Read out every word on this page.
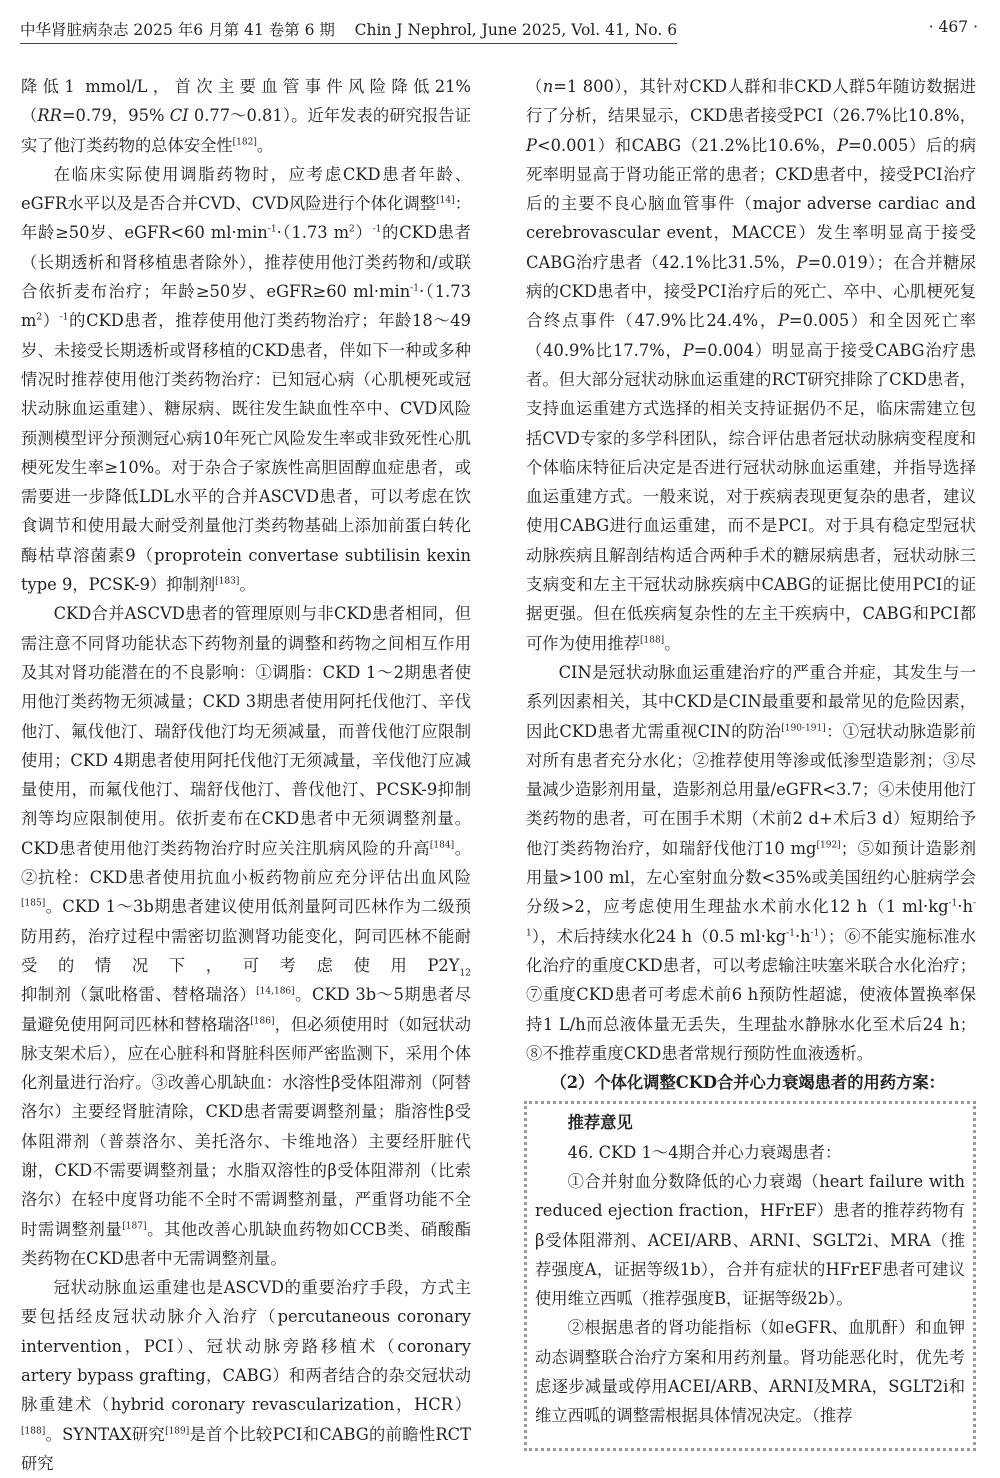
中华肾脏病杂志 2025 年6 月第 41 卷第 6 期 Chin J Nephrol, June 2025, Vol. 41, No. 6	· 467 ·

降低1 mmol/L，首次主要血管事件风险降低21%（RR=0.79，95% CI 0.77～0.81）。近年发表的研究报告证实了他汀类药物的总体安全性[182]。

在临床实际使用调脂药物时，应考虑CKD患者年龄、eGFR水平以及是否合并CVD、CVD风险进行个体化调整[14]：年龄≥50岁、eGFR<60 $ml\cdot\min^{-1}\cdot(1.73$ $m^2)^{-1}$的CKD患者（长期透析和肾移植患者除外），推荐使用他汀类药物和/或联合依折麦布治疗；年龄≥50岁、eGFR≥60 $ml\cdot\min^{-1}\cdot(1.73$ $m^2)^{-1}$的CKD患者，推荐使用他汀类药物治疗；年龄18～49岁、未接受长期透析或肾移植的CKD患者，伴如下一种或多种情况时推荐使用他汀类药物治疗：已知冠心病（心肌梗死或冠状动脉血运重建）、糖尿病、既往发生缺血性卒中、CVD风险预测模型评分预测冠心病10年死亡风险发生率或非致死性心肌梗死发生率≥10%。对于杂合子家族性高胆固醇血症患者，或需要进一步降低LDL水平的合并ASCVD患者，可以考虑在饮食调节和使用最大耐受剂量他汀类药物基础上添加前蛋白转化酶枯草溶菌素9（proprotein convertase subtilisin kexin type 9，PCSK-9）抑制剂[183]。

CKD合并ASCVD患者的管理原则与非CKD患者相同，但需注意不同肾功能状态下药物剂量的调整和药物之间相互作用及其对肾功能潜在的不良影响：①调脂：CKD 1～2期患者使用他汀类药物无须减量；CKD 3期患者使用阿托伐他汀、辛伐他汀、氟伐他汀、瑞舒伐他汀均无须减量，而普伐他汀应限制使用；CKD 4期患者使用阿托伐他汀无须减量，辛伐他汀应减量使用，而氟伐他汀、瑞舒伐他汀、普伐他汀、PCSK-9抑制剂等均应限制使用。依折麦布在CKD患者中无须调整剂量。CKD患者使用他汀类药物治疗时应关注肌病风险的升高[184]。②抗栓：CKD患者使用抗血小板药物前应充分评估出血风险[185]。CKD 1～3b期患者建议使用低剂量阿司匹林作为二级预防用药，治疗过程中需密切监测肾功能变化，阿司匹林不能耐受的情况下，可考虑使用$P2Y_{12}$抑制剂（氯吡格雷、替格瑞洛）[14,186]。CKD 3b～5期患者尽量避免使用阿司匹林和替格瑞洛[186]，但必须使用时（如冠状动脉支架术后），应在心脏科和肾脏科医师严密监测下，采用个体化剂量进行治疗。③改善心肌缺血：水溶性β受体阻滞剂（阿替洛尔）主要经肾脏清除，CKD患者需要调整剂量；脂溶性β受体阻滞剂（普萘洛尔、美托洛尔、卡维地洛）主要经肝脏代谢，CKD不需要调整剂量；水脂双溶性的β受体阻滞剂（比索洛尔）在轻中度肾功能不全时不需调整剂量，严重肾功能不全时需调整剂量[187]。其他改善心肌缺血药物如CCB类、硝酸酯类药物在CKD患者中无需调整剂量。

冠状动脉血运重建也是ASCVD的重要治疗手段，方式主要包括经皮冠状动脉介入治疗（percutaneous coronary intervention，PCI）、冠状动脉旁路移植术（coronary artery bypass grafting，CABG）和两者结合的杂交冠状动脉重建术（hybrid coronary revascularization，HCR）[188]。SYNTAX研究[189]是首个比较PCI和CABG的前瞻性RCT研究

（n=1 800），其针对CKD人群和非CKD人群5年随访数据进行了分析，结果显示，CKD患者接受PCI（26.7%比10.8%，P<0.001）和CABG（21.2%比10.6%，P=0.005）后的病死率明显高于肾功能正常的患者；CKD患者中，接受PCI治疗后的主要不良心脑血管事件（major adverse cardiac and cerebrovascular event，MACCE）发生率明显高于接受CABG治疗患者（42.1%比31.5%，P=0.019）；在合并糖尿病的CKD患者中，接受PCI治疗后的死亡、卒中、心肌梗死复合终点事件（47.9%比24.4%，P=0.005）和全因死亡率（40.9%比17.7%，P=0.004）明显高于接受CABG治疗患者。但大部分冠状动脉血运重建的RCT研究排除了CKD患者，支持血运重建方式选择的相关支持证据仍不足，临床需建立包括CVD专家的多学科团队，综合评估患者冠状动脉病变程度和个体临床特征后决定是否进行冠状动脉血运重建，并指导选择血运重建方式。一般来说，对于疾病表现更复杂的患者，建议使用CABG进行血运重建，而不是PCI。对于具有稳定型冠状动脉疾病且解剖结构适合两种手术的糖尿病患者，冠状动脉三支病变和左主干冠状动脉疾病中CABG的证据比使用PCI的证据更强。但在低疾病复杂性的左主干疾病中，CABG和PCI都可作为使用推荐[188]。

CIN是冠状动脉血运重建治疗的严重合并症，其发生与一系列因素相关，其中CKD是CIN最重要和最常见的危险因素，因此CKD患者尤需重视CIN的防治[190-191]：①冠状动脉造影前对所有患者充分水化；②推荐使用等渗或低渗型造影剂；③尽量减少造影剂用量，造影剂总用量/eGFR<3.7；④未使用他汀类药物的患者，可在围手术期（术前2 d+术后3 d）短期给予他汀类药物治疗，如瑞舒伐他汀10 mg[192]；⑤如预计造影剂用量>100 ml，左心室射血分数<35%或美国纽约心脏病学会分级>2，应考虑使用生理盐水术前水化12 h（1 $ml\cdot kg^{-1}\cdot h^{-1}$），术后持续水化24 h（0.5 $ml\cdot kg^{-1}\cdot h^{-1}$）；⑥不能实施标准水化治疗的重度CKD患者，可以考虑输注呋塞米联合水化治疗；⑦重度CKD患者可考虑术前6 h预防性超滤，使液体置换率保持1 L/h而总液体量无丢失，生理盐水静脉水化至术后24 h；⑧不推荐重度CKD患者常规行预防性血液透析。

（2）个体化调整CKD合并心力衰竭患者的用药方案：

推荐意见

46. CKD 1～4期合并心力衰竭患者：

①合并射血分数降低的心力衰竭（heart failure with reduced ejection fraction，HFrEF）患者的推荐药物有β受体阻滞剂、ACEI/ARB、ARNI、SGLT2i、MRA（推荐强度A，证据等级1b），合并有症状的HFrEF患者可建议使用维立西呱（推荐强度B，证据等级2b）。

②根据患者的肾功能指标（如eGFR、血肌酐）和血钾动态调整联合治疗方案和用药剂量。肾功能恶化时，优先考虑逐步减量或停用ACEI/ARB、ARNI及MRA，SGLT2i和维立西呱的调整需根据具体情况决定。（推荐
